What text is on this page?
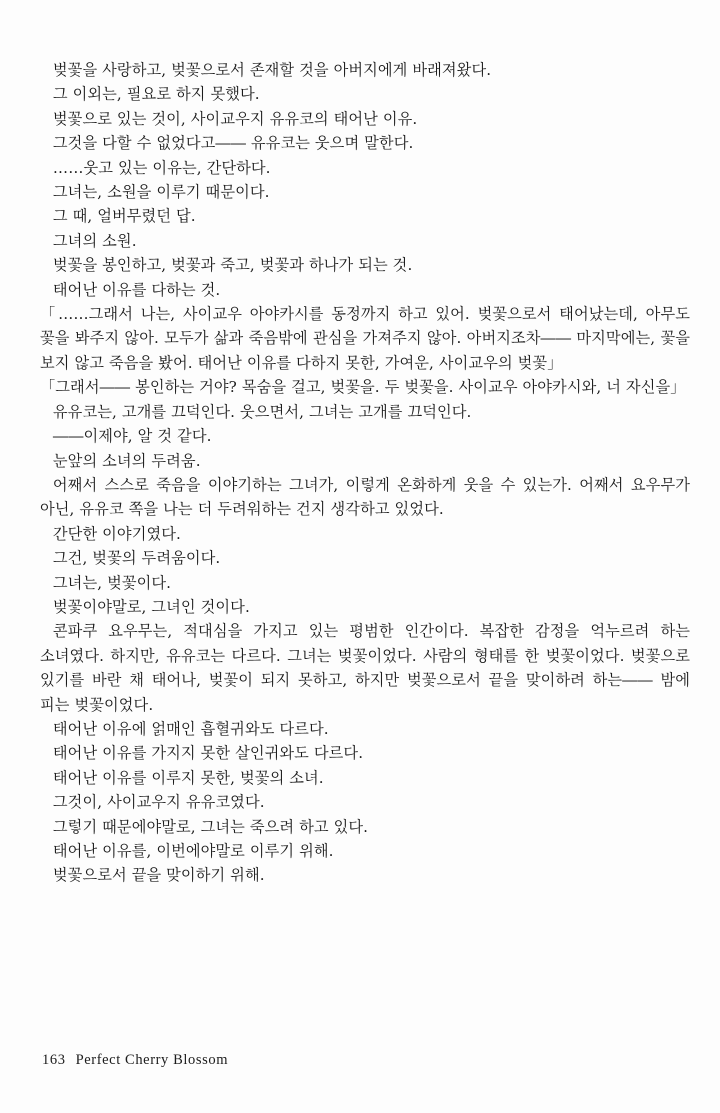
벚꽃을 사랑하고, 벚꽃으로서 존재할 것을 아버지에게 바래져왔다.

그 이외는, 필요로 하지 못했다.

벚꽃으로 있는 것이, 사이교우지 유유코의 태어난 이유.

그것을 다할 수 없었다고―― 유유코는 웃으며 말한다.

……웃고 있는 이유는, 간단하다.

그녀는, 소원을 이루기 때문이다.

그 때, 얼버무렸던 답.

그녀의 소원.

벚꽃을 봉인하고, 벚꽃과 죽고, 벚꽃과 하나가 되는 것.

태어난 이유를 다하는 것.

「……그래서 나는, 사이교우 아야카시를 동정까지 하고 있어. 벚꽃으로서 태어났는데, 아무도 꽃을 봐주지 않아. 모두가 삶과 죽음밖에 관심을 가져주지 않아. 아버지조차―― 마지막에는, 꽃을 보지 않고 죽음을 봤어. 태어난 이유를 다하지 못한, 가여운, 사이교우의 벚꽃」

「그래서―― 봉인하는 거야? 목숨을 걸고, 벚꽃을. 두 벚꽃을. 사이교우 아야카시와, 너 자신을」

유유코는, 고개를 끄덕인다. 웃으면서, 그녀는 고개를 끄덕인다.

――이제야, 알 것 같다.

눈앞의 소녀의 두려움.

어째서 스스로 죽음을 이야기하는 그녀가, 이렇게 온화하게 웃을 수 있는가. 어째서 요우무가 아닌, 유유코 쪽을 나는 더 두려워하는 건지 생각하고 있었다.

간단한 이야기였다.

그건, 벚꽃의 두려움이다.

그녀는, 벚꽃이다.

벚꽃이야말로, 그녀인 것이다.

콘파쿠 요우무는, 적대심을 가지고 있는 평범한 인간이다. 복잡한 감정을 억누르려 하는 소녀였다. 하지만, 유유코는 다르다. 그녀는 벚꽃이었다. 사람의 형태를 한 벚꽃이었다. 벚꽃으로 있기를 바란 채 태어나, 벚꽃이 되지 못하고, 하지만 벚꽃으로서 끝을 맞이하려 하는―― 밤에 피는 벚꽃이었다.

태어난 이유에 얽매인 흡혈귀와도 다르다.

태어난 이유를 가지지 못한 살인귀와도 다르다.

태어난 이유를 이루지 못한, 벚꽃의 소녀.

그것이, 사이교우지 유유코였다.

그렇기 때문에야말로, 그녀는 죽으려 하고 있다.

태어난 이유를, 이번에야말로 이루기 위해.

벚꽃으로서 끝을 맞이하기 위해.

163 Perfect Cherry Blossom
